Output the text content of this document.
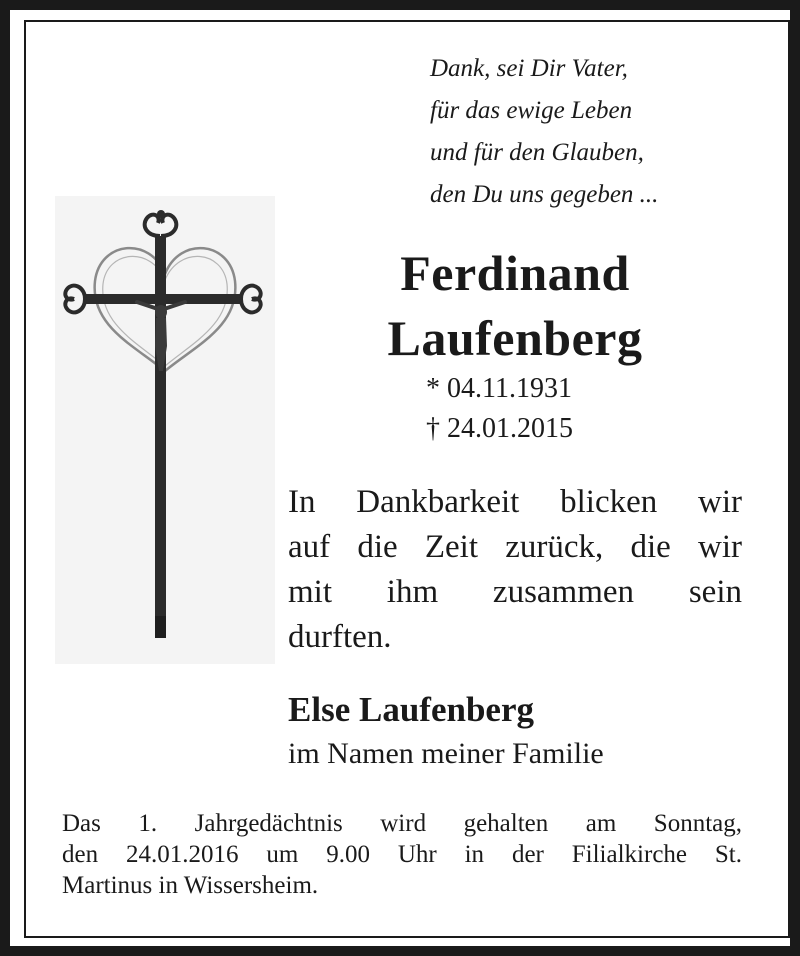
Dank, sei Dir Vater,
für das ewige Leben
und für den Glauben,
den Du uns gegeben ...
Ferdinand
Laufenberg
* 04.11.1931
† 24.01.2015
In Dankbarkeit blicken wir
auf die Zeit zurück, die wir
mit ihm zusammen sein
durften.
Else Laufenberg
im Namen meiner Familie
Das 1. Jahrgedächtnis wird gehalten am Sonntag,
den 24.01.2016 um 9.00 Uhr in der Filialkirche St.
Martinus in Wissersheim.
